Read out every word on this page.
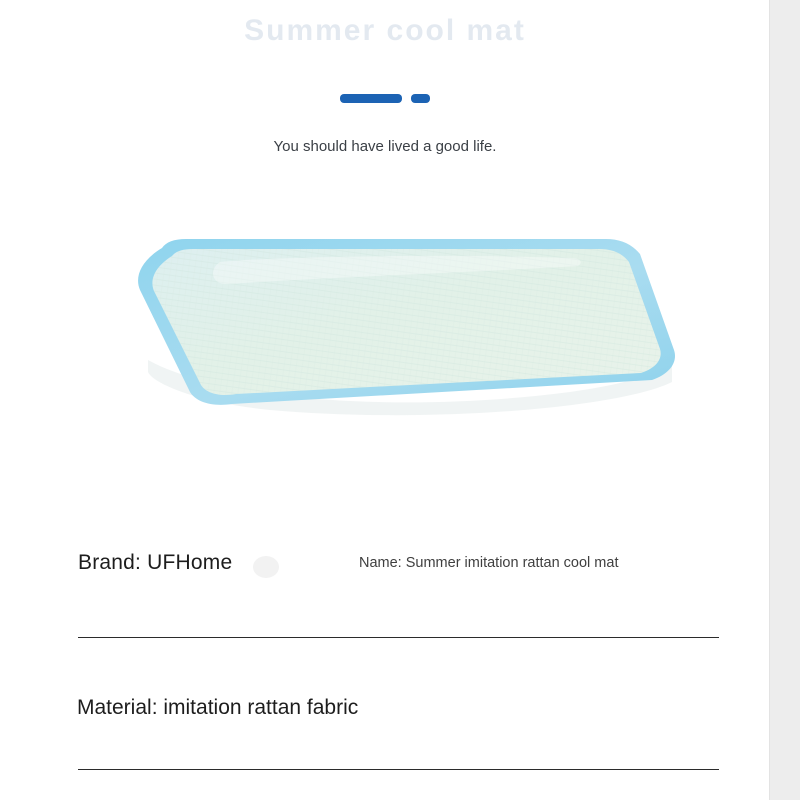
Summer cool mat
You should have lived a good life.
Brand: UFHome	Name: Summer imitation rattan cool mat
Material: imitation rattan fabric
